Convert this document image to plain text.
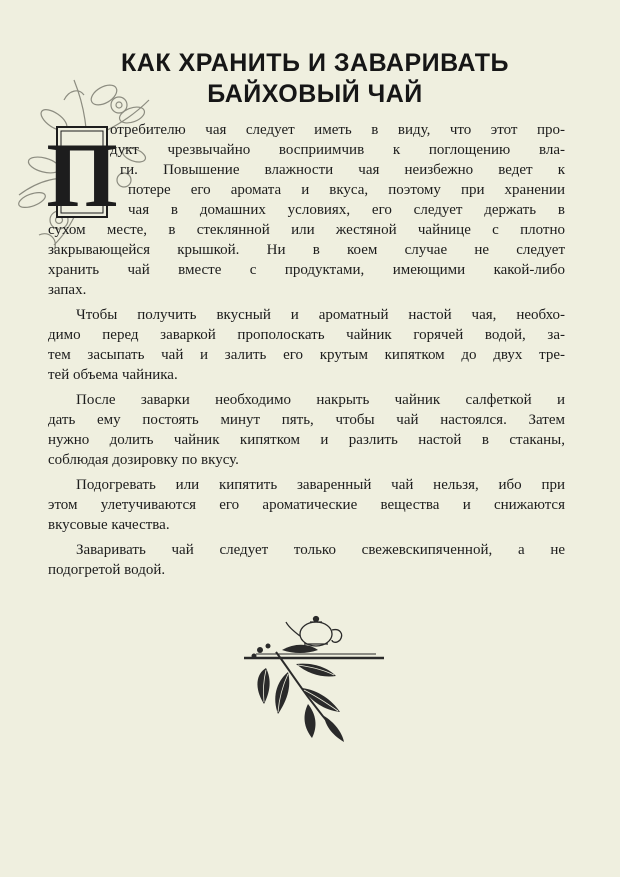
КАК ХРАНИТЬ И ЗАВАРИВАТЬ
БАЙХОВЫЙ ЧАЙ
П
отребителю чая следует иметь в виду, что этот про-
дукт чрезвычайно восприимчив к поглощению вла-
ги. Повышение влажности чая неизбежно ведет к
потере его аромата и вкуса, поэтому при хранении
чая в домашних условиях, его следует держать в
сухом месте, в стеклянной или жестяной чайнице с плотно
закрывающейся крышкой. Ни в коем случае не следует
хранить чай вместе с продуктами, имеющими какой-либо
запах.
Чтобы получить вкусный и ароматный настой чая, необхо-
димо перед заваркой прополоскать чайник горячей водой, за-
тем засыпать чай и залить его крутым кипятком до двух тре-
тей объема чайника.
После заварки необходимо накрыть чайник салфеткой и
дать ему постоять минут пять, чтобы чай настоялся. Затем
нужно долить чайник кипятком и разлить настой в стаканы,
соблюдая дозировку по вкусу.
Подогревать или кипятить заваренный чай нельзя, ибо при
этом улетучиваются его ароматические вещества и снижаются
вкусовые качества.
Заваривать чай следует только свежевскипяченной, а не
подогретой водой.
